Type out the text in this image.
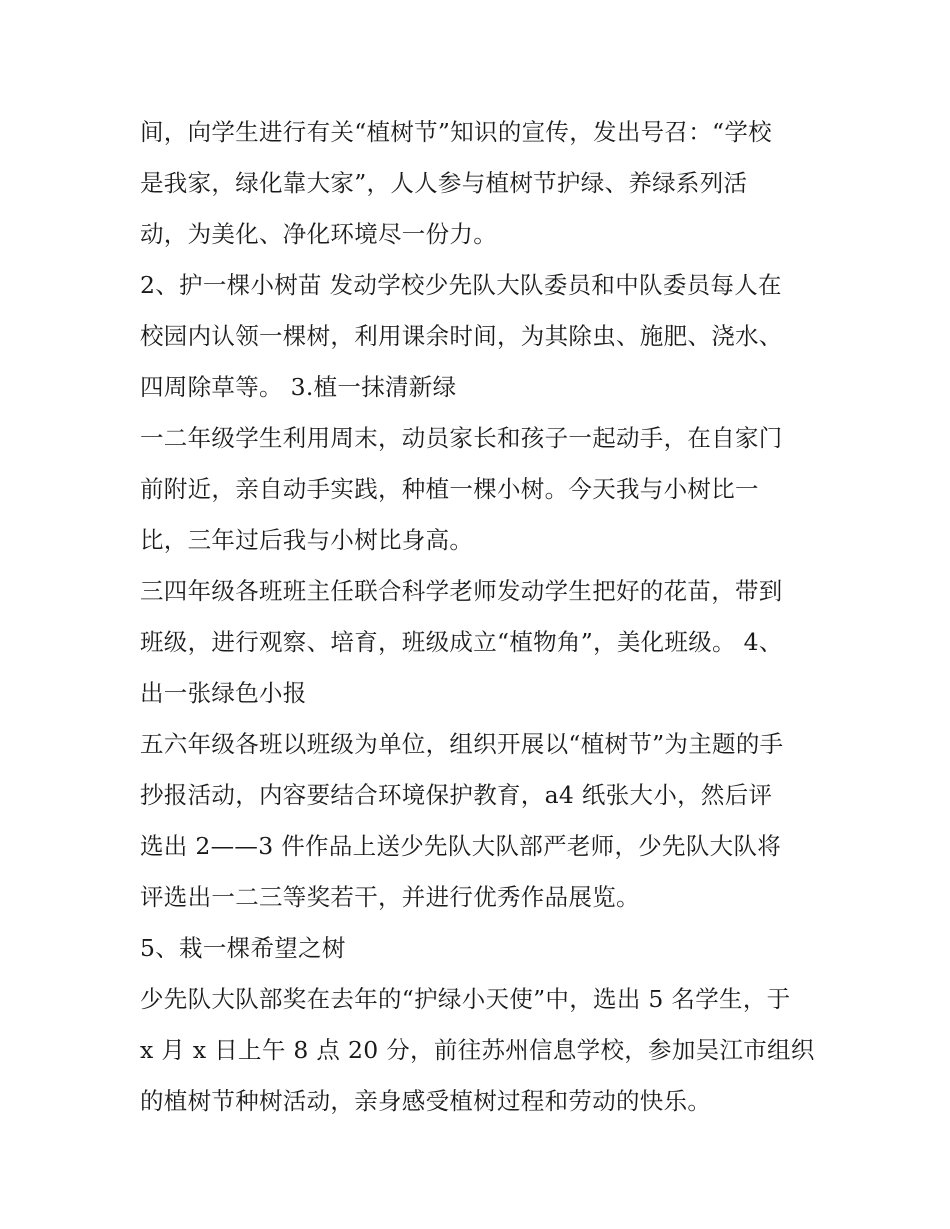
间，向学生进行有关“植树节”知识的宣传，发出号召：“学校
是我家，绿化靠大家”，人人参与植树节护绿、养绿系列活
动，为美化、净化环境尽一份力。
2、护一棵小树苗 发动学校少先队大队委员和中队委员每人在
校园内认领一棵树，利用课余时间，为其除虫、施肥、浇水、
四周除草等。 3.植一抹清新绿
一二年级学生利用周末，动员家长和孩子一起动手，在自家门
前附近，亲自动手实践，种植一棵小树。今天我与小树比一
比，三年过后我与小树比身高。
三四年级各班班主任联合科学老师发动学生把好的花苗，带到
班级，进行观察、培育，班级成立“植物角”，美化班级。 4、
出一张绿色小报
五六年级各班以班级为单位，组织开展以“植树节”为主题的手
抄报活动，内容要结合环境保护教育，a4 纸张大小，然后评
选出 2——3 件作品上送少先队大队部严老师，少先队大队将
评选出一二三等奖若干，并进行优秀作品展览。
5、栽一棵希望之树
少先队大队部奖在去年的“护绿小天使”中，选出 5 名学生，于
x 月 x 日上午 8 点 20 分，前往苏州信息学校，参加吴江市组织
的植树节种树活动，亲身感受植树过程和劳动的快乐。
